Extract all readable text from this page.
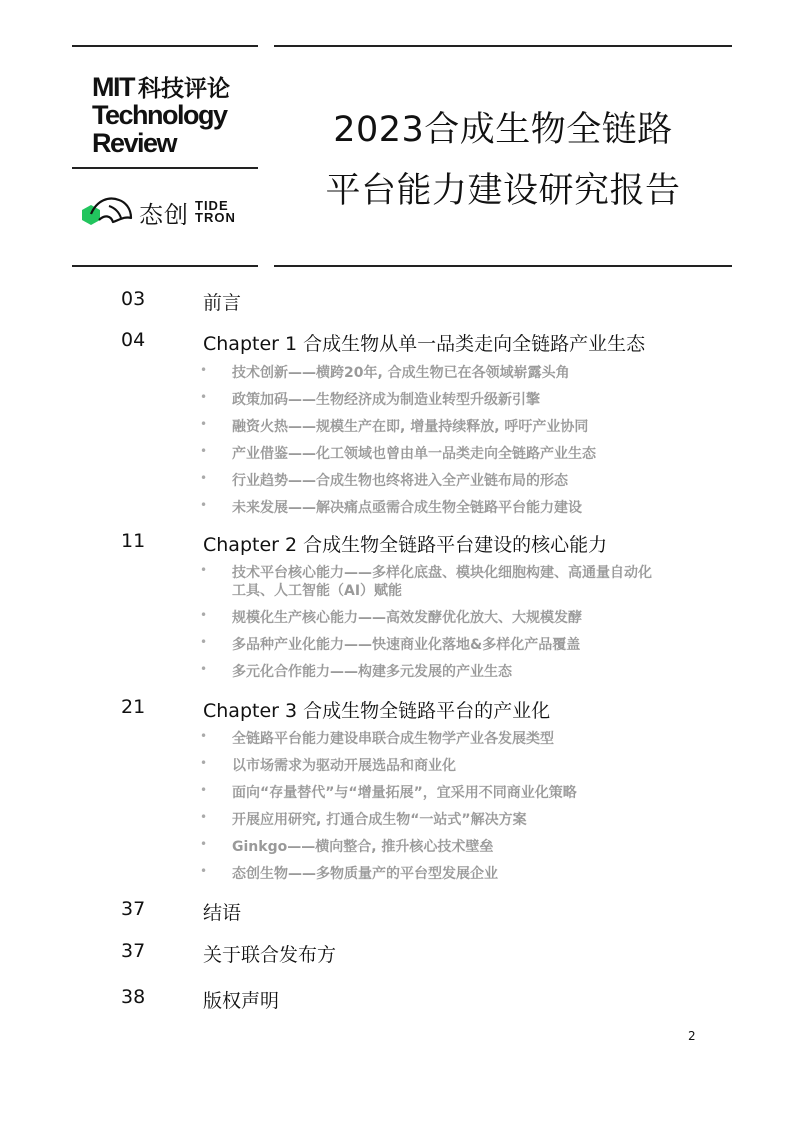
MIT 科技评论
Technology
Review
态创 TIDE
TRON
2023合成生物全链路
平台能力建设研究报告
03	前言
04	Chapter 1 合成生物从单一品类走向全链路产业生态
• 技术创新——横跨20年, 合成生物已在各领域崭露头角
• 政策加码——生物经济成为制造业转型升级新引擎
• 融资火热——规模生产在即, 增量持续释放, 呼吁产业协同
• 产业借鉴——化工领域也曾由单一品类走向全链路产业生态
• 行业趋势——合成生物也终将进入全产业链布局的形态
• 未来发展——解决痛点亟需合成生物全链路平台能力建设
11	Chapter 2 合成生物全链路平台建设的核心能力
• 技术平台核心能力——多样化底盘、模块化细胞构建、高通量自动化
工具、人工智能（AI）赋能
• 规模化生产核心能力——高效发酵优化放大、大规模发酵
• 多品种产业化能力——快速商业化落地&多样化产品覆盖
• 多元化合作能力——构建多元发展的产业生态
21	Chapter 3 合成生物全链路平台的产业化
• 全链路平台能力建设串联合成生物学产业各发展类型
• 以市场需求为驱动开展选品和商业化
• 面向“存量替代”与“增量拓展”，宜采用不同商业化策略
• 开展应用研究, 打通合成生物“一站式”解决方案
• Ginkgo——横向整合, 推升核心技术壁垒
• 态创生物——多物质量产的平台型发展企业
37	结语
37	关于联合发布方
38	版权声明
2
